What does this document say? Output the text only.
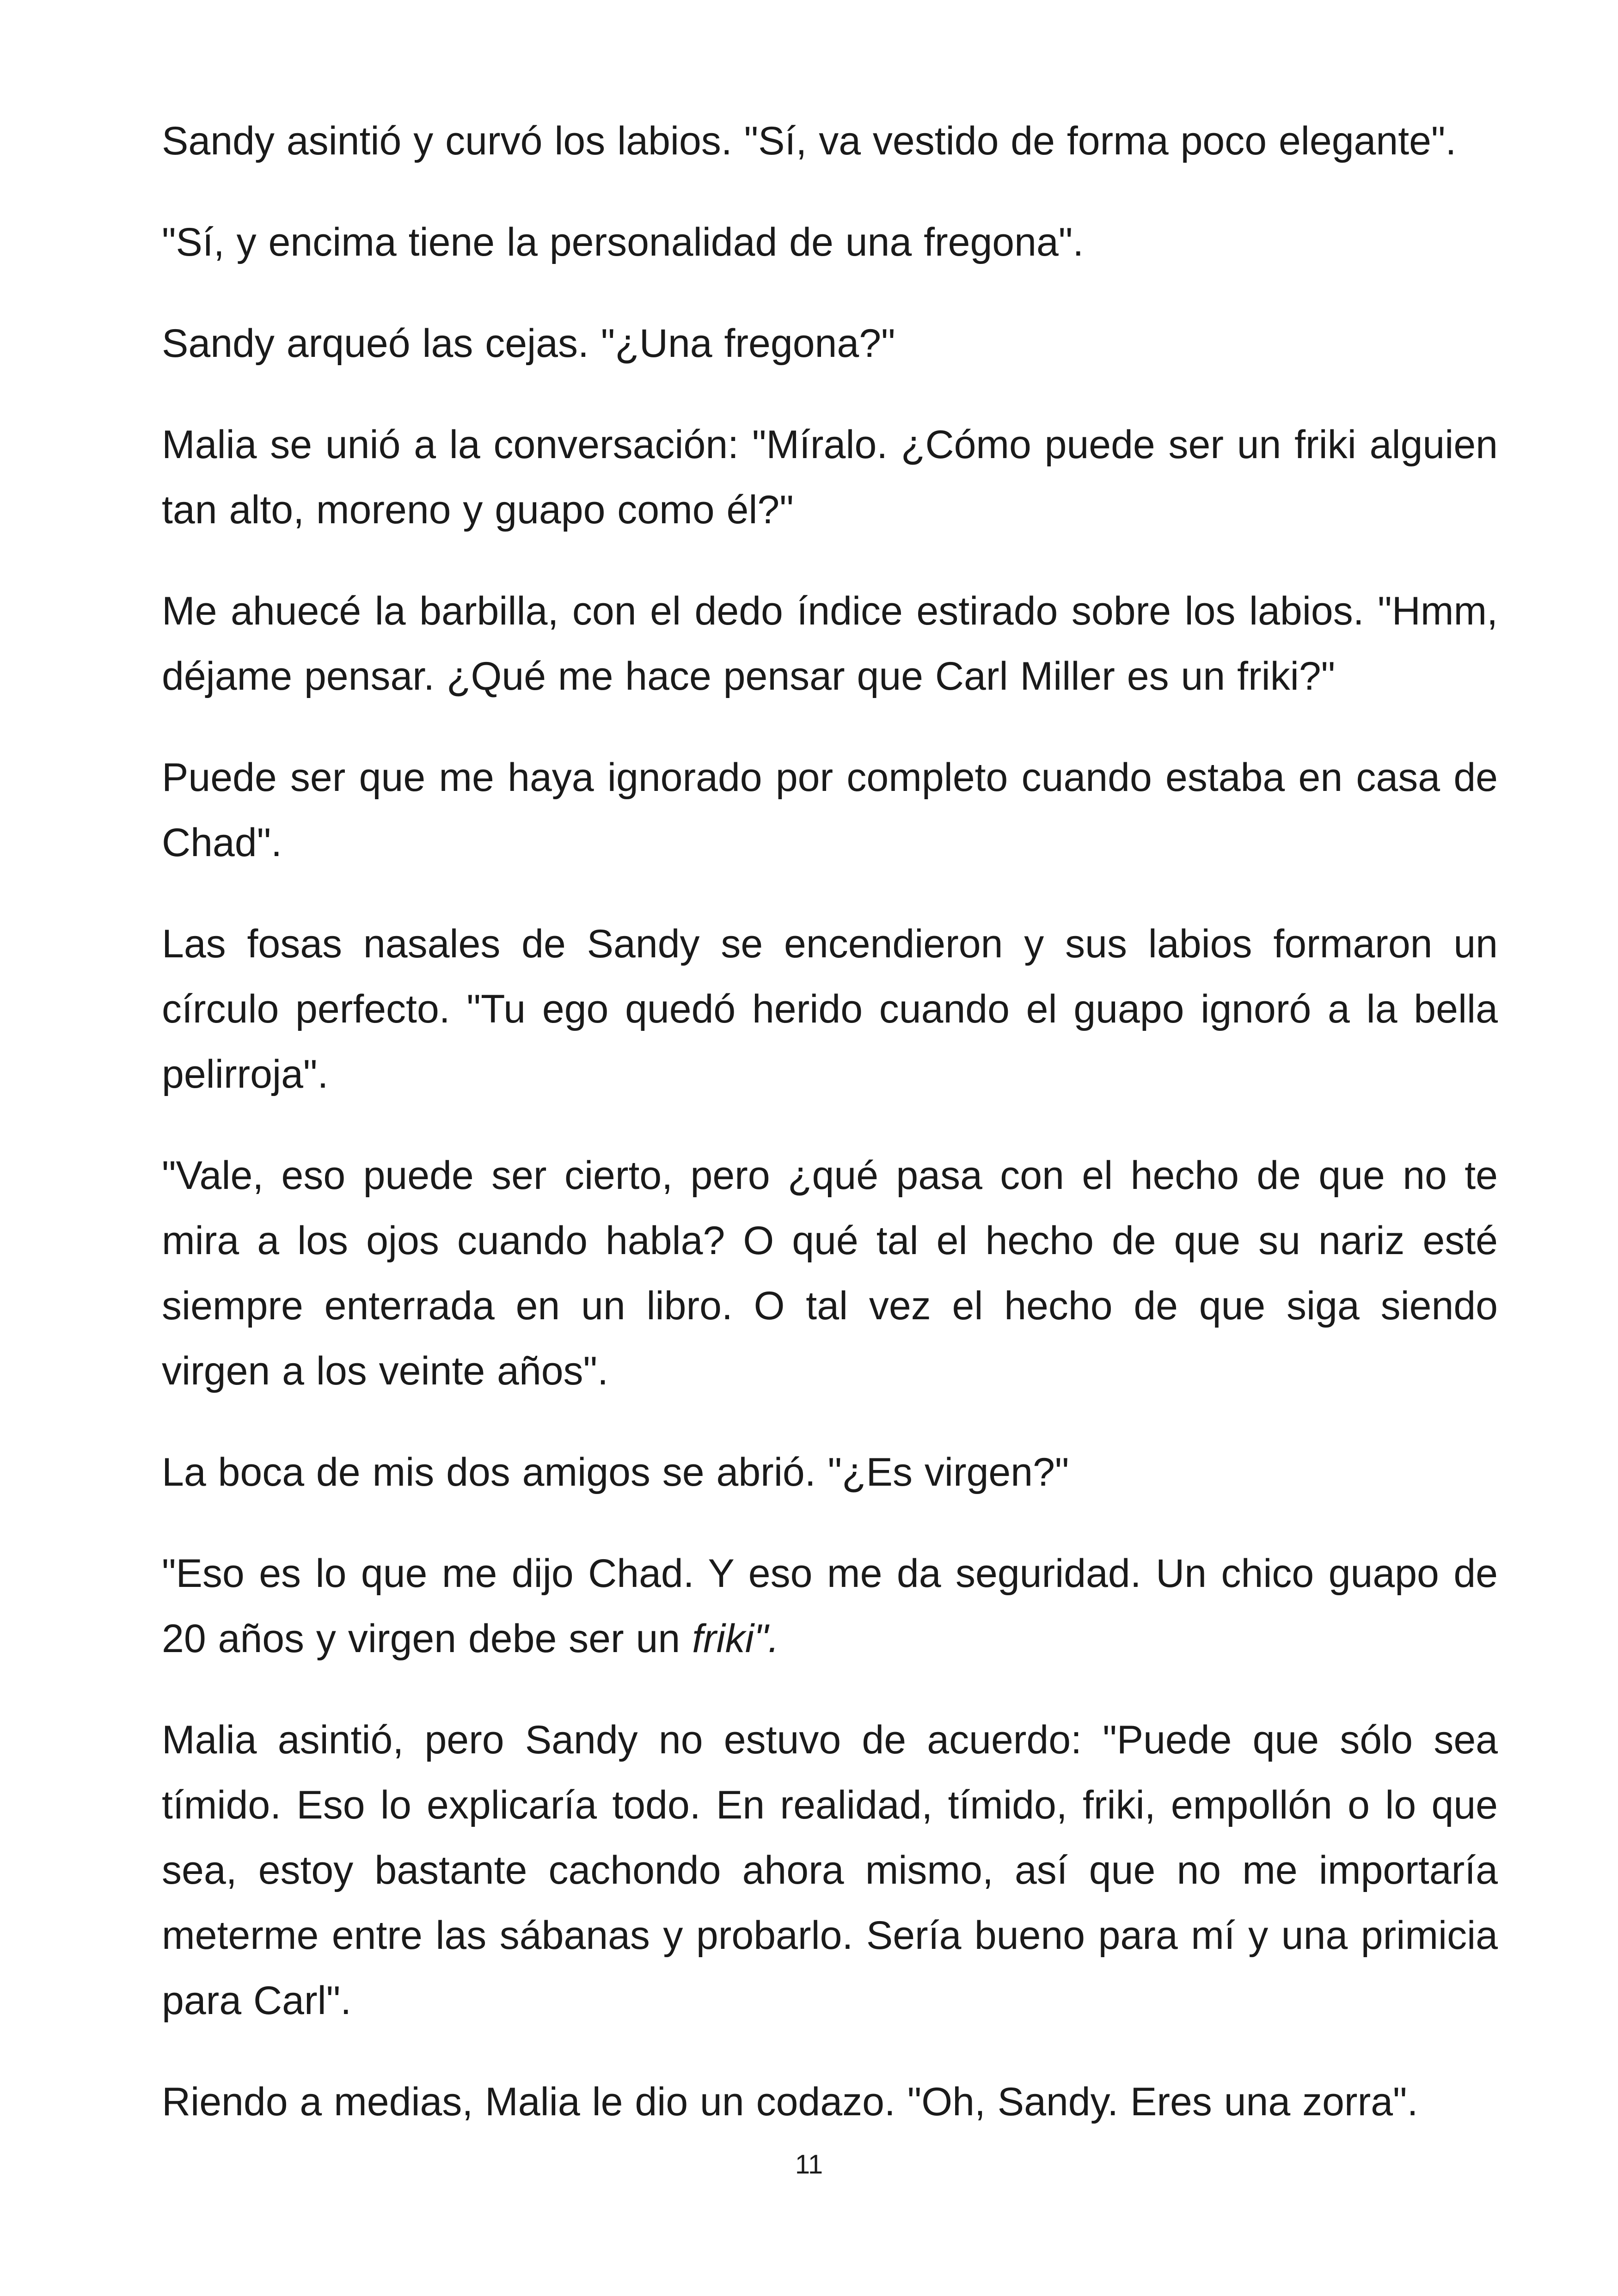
Sandy asintió y curvó los labios. "Sí, va vestido de forma poco elegante".

"Sí, y encima tiene la personalidad de una fregona".

Sandy arqueó las cejas. "¿Una fregona?"

Malia se unió a la conversación: "Míralo. ¿Cómo puede ser un friki alguien tan alto, moreno y guapo como él?"

Me ahuecé la barbilla, con el dedo índice estirado sobre los labios. "Hmm, déjame pensar. ¿Qué me hace pensar que Carl Miller es un friki?"

Puede ser que me haya ignorado por completo cuando estaba en casa de Chad".

Las fosas nasales de Sandy se encendieron y sus labios formaron un círculo perfecto. "Tu ego quedó herido cuando el guapo ignoró a la bella pelirroja".

"Vale, eso puede ser cierto, pero ¿qué pasa con el hecho de que no te mira a los ojos cuando habla? O qué tal el hecho de que su nariz esté siempre enterrada en un libro. O tal vez el hecho de que siga siendo virgen a los veinte años".

La boca de mis dos amigos se abrió. "¿Es virgen?"

"Eso es lo que me dijo Chad. Y eso me da seguridad. Un chico guapo de 20 años y virgen debe ser un friki".

Malia asintió, pero Sandy no estuvo de acuerdo: "Puede que sólo sea tímido. Eso lo explicaría todo. En realidad, tímido, friki, empollón o lo que sea, estoy bastante cachondo ahora mismo, así que no me importaría meterme entre las sábanas y probarlo. Sería bueno para mí y una primicia para Carl".

Riendo a medias, Malia le dio un codazo. "Oh, Sandy. Eres una zorra".

11
